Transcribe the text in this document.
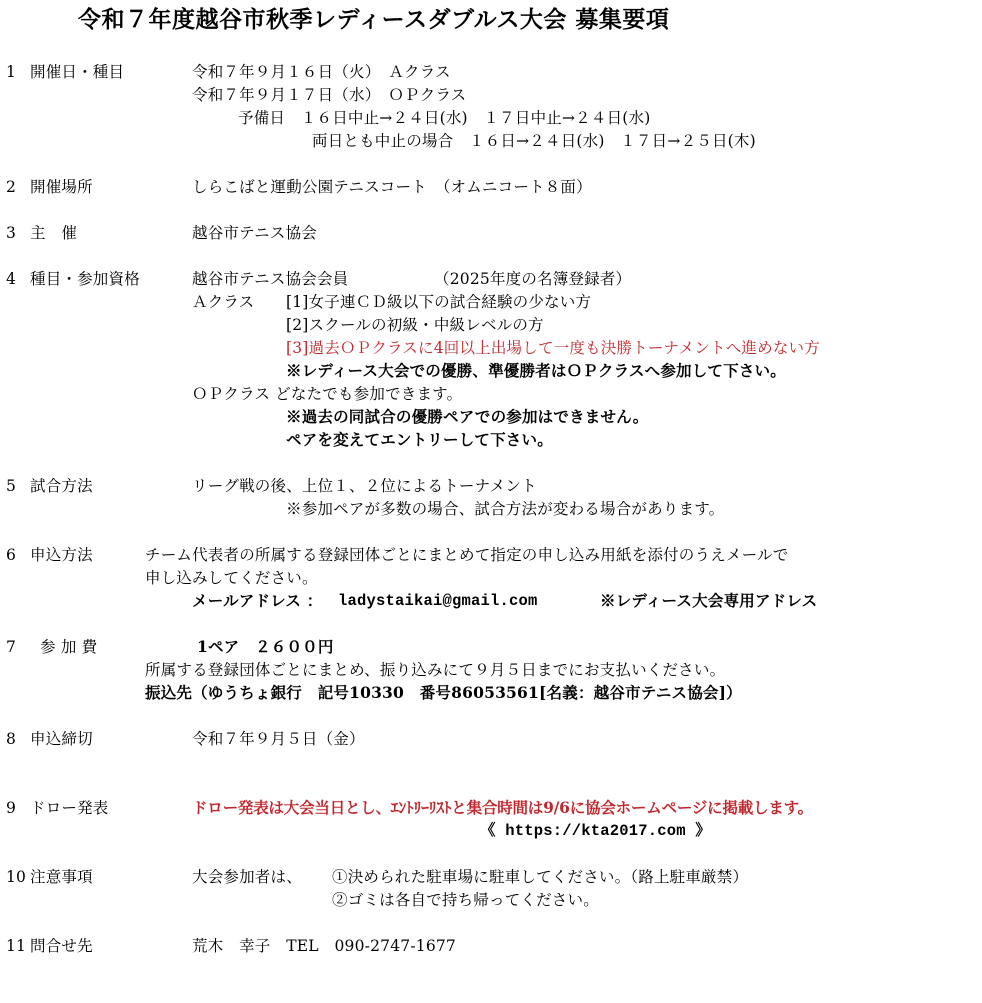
令和７年度越谷市秋季レディースダブルス大会 募集要項
1 開催日・種目	令和７年９月１６日（火）　Ａクラス
令和７年９月１７日（水）　ＯＰクラス
予備日　１６日中止→２４日(水)　１７日中止→２４日(水)
両日とも中止の場合　１６日→２４日(水)　１７日→２５日(木)
2 開催場所	しらこばと運動公園テニスコート　（オムニコート８面）
3 主　催	越谷市テニス協会
4 種目・参加資格	越谷市テニス協会会員	（2025年度の名簿登録者）
Ａクラス [1]女子連ＣＤ級以下の試合経験の少ない方
[2]スクールの初級・中級レベルの方
[3]過去ＯＰクラスに4回以上出場して一度も決勝トーナメントへ進めない方
※レディース大会での優勝、準優勝者はＯＰクラスへ参加して下さい。
ＯＰクラス どなたでも参加できます。
※過去の同試合の優勝ペアでの参加はできません。
ペアを変えてエントリーして下さい。
5 試合方法	リーグ戦の後、上位１、２位によるトーナメント
※参加ペアが多数の場合、試合方法が変わる場合があります。
6 申込方法	チーム代表者の所属する登録団体ごとにまとめて指定の申し込み用紙を添付のうえメールで
申し込みしてください。
メールアドレス ： ladystaikai@gmail.com	※レディース大会専用アドレス
7 参 加 費	1ペア　２６００円
所属する登録団体ごとにまとめ、振り込みにて９月５日までにお支払いください。
振込先（ゆうちょ銀行　記号10330　番号86053561[名義：越谷市テニス協会]）
8 申込締切	令和７年９月５日（金）
9 ドロー発表	ドロー発表は大会当日とし、ｴﾝﾄﾘｰﾘｽﾄと集合時間は9/6に協会ホームページに掲載します。
《 https://kta2017.com 》
10 注意事項	大会参加者は、 ①決められた駐車場に駐車してください。（路上駐車厳禁）
②ゴミは各自で持ち帰ってください。
11 問合せ先	荒木　幸子　TEL　090-2747-1677
